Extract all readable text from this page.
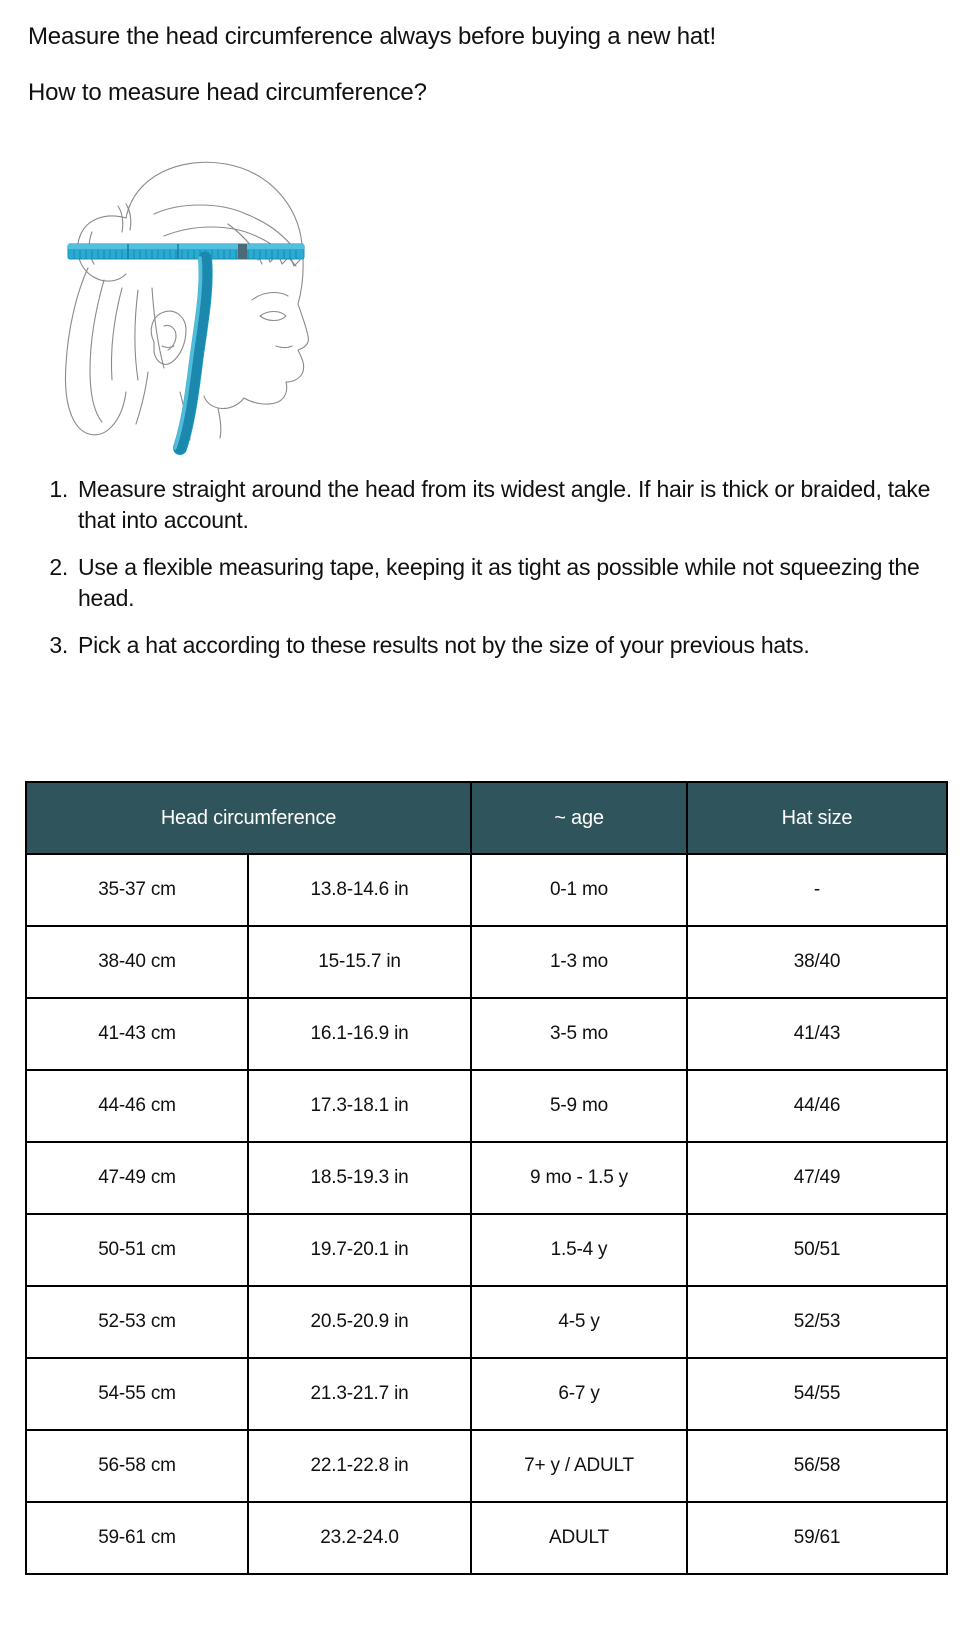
Measure the head circumference always before buying a new hat!

How to measure head circumference?

Measure straight around the head from its widest angle. If hair is thick or braided, take that into account.
Use a flexible measuring tape, keeping it as tight as possible while not squeezing the head.
Pick a hat according to these results not by the size of your previous hats.
Head circumference		~ age	Hat size
35-37 cm	13.8-14.6 in	0-1 mo	-
38-40 cm	15-15.7 in	1-3 mo	38/40
41-43 cm	16.1-16.9 in	3-5 mo	41/43
44-46 cm	17.3-18.1 in	5-9 mo	44/46
47-49 cm	18.5-19.3 in	9 mo - 1.5 y	47/49
50-51 cm	19.7-20.1 in	1.5-4 y	50/51
52-53 cm	20.5-20.9 in	4-5 y	52/53
54-55 cm	21.3-21.7 in	6-7 y	54/55
56-58 cm	22.1-22.8 in	7+ y / ADULT	56/58
59-61 cm	23.2-24.0	ADULT	59/61
